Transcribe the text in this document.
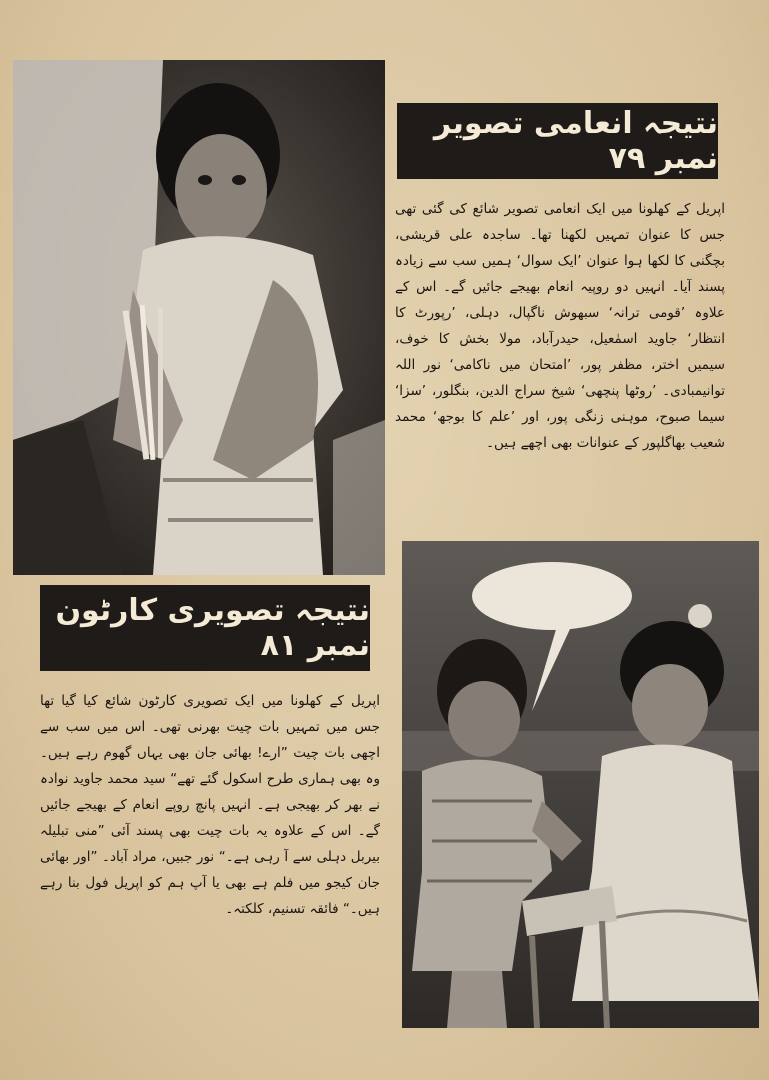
نتیجہ انعامی تصویر نمبر ۷۹

اپریل کے کھلونا میں ایک انعامی تصویر شائع کی گئی تھی جس کا عنوان تمہیں لکھنا تھا۔ ساجدہ علی قریشی، بچگنی کا لکھا ہوا عنوان ’ایک سوال‘ ہمیں سب سے زیادہ پسند آیا۔ انہیں دو روپیہ انعام بھیجے جائیں گے۔ اس کے علاوہ ’قومی ترانہ‘ سبھوش ناگپال، دہلی، ’رپورٹ کا انتظار‘ جاوید اسمٰعیل، حیدرآباد، مولا بخش کا خوف، سیمیں اختر، مظفر پور، ’امتحان میں ناکامی‘ نور اللہ توانیمبادی۔ ’روٹھا پنچھی‘ شیخ سراج الدین، بنگلور، ’سزا‘ سیما صبوح، موہنی زنگی پور، اور ’علم کا بوجھ‘ محمد شعیب بھاگلپور کے عنوانات بھی اچھے ہیں۔

نتیجہ تصویری کارٹون نمبر ۸۱

اپریل کے کھلونا میں ایک تصویری کارٹون شائع کیا گیا تھا جس میں تمہیں بات چیت بھرنی تھی۔ اس میں سب سے اچھی بات چیت ”ارے! بھائی جان بھی یہاں گھوم رہے ہیں۔ وہ بھی ہماری طرح اسکول گئے تھے“ سید محمد جاوید نوادہ نے بھر کر بھیجی ہے۔ انہیں پانچ روپے انعام کے بھیجے جائیں گے۔ اس کے علاوہ یہ بات چیت بھی پسند آئی ”منی تبلیلہ بیربل دہلی سے آ رہی ہے۔“ نور جبیں، مراد آباد۔ ”اور بھائی جان کیجو میں فلم ہے بھی یا آپ ہم کو اپریل فول بنا رہے ہیں۔“ فائقہ تسنیم، کلکتہ۔
